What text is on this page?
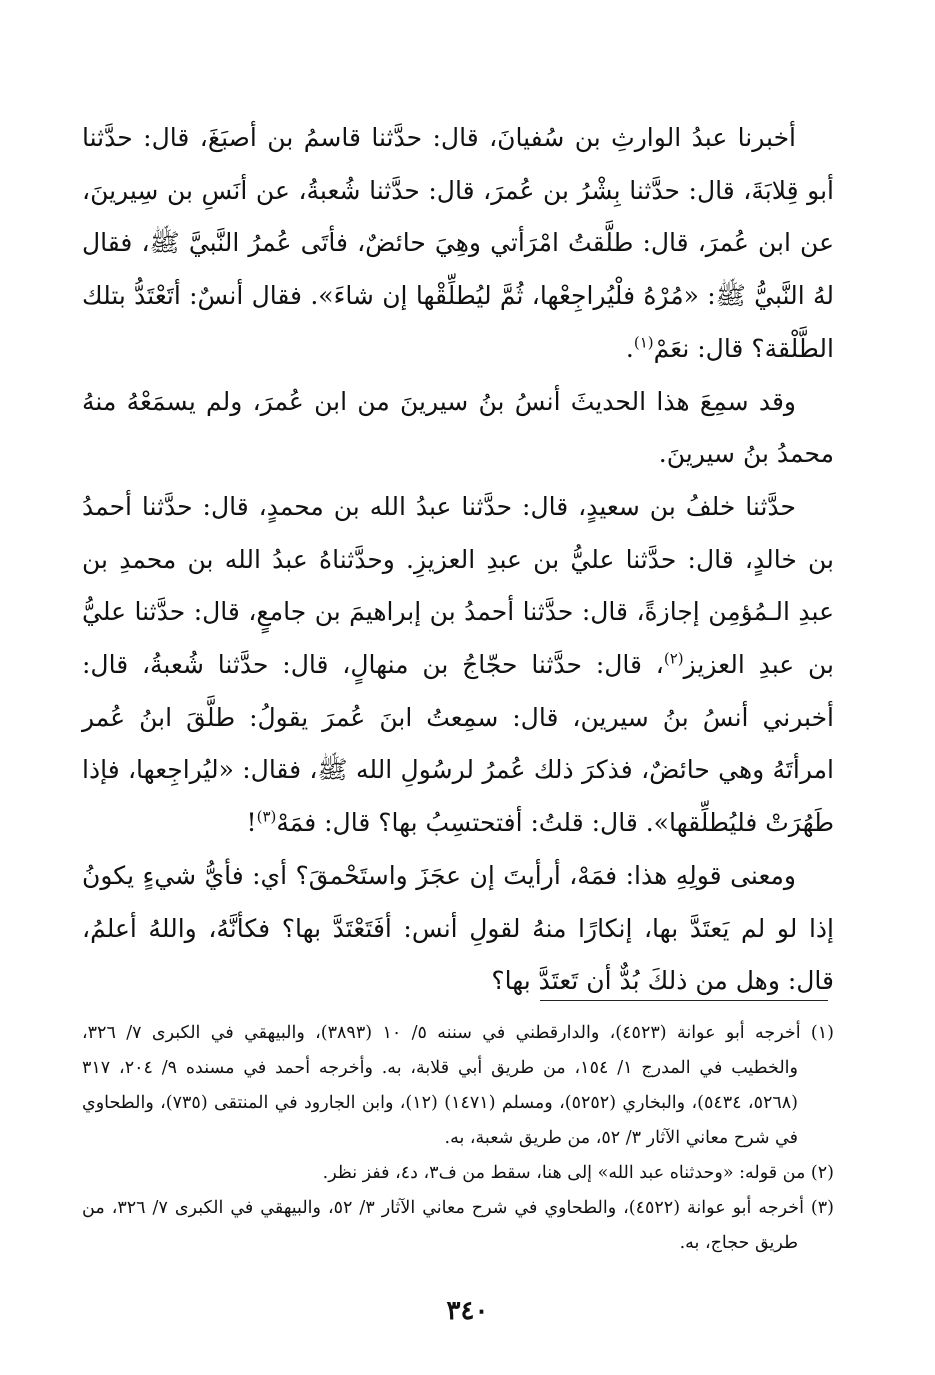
أخبرنا عبدُ الوارثِ بن سُفيانَ، قال: حدَّثنا قاسمُ بن أصبَغَ، قال: حدَّثنا أبو قِلابَةَ، قال: حدَّثنا بِشْرُ بن عُمرَ، قال: حدَّثنا شُعبةُ، عن أنَسِ بن سِيرينَ، عن ابن عُمرَ، قال: طلَّقتُ امْرَأتي وهِيَ حائضٌ، فأتَى عُمرُ النَّبيَّ ﷺ، فقال لهُ النَّبيُّ ﷺ: «مُرْهُ فلْيُراجِعْها، ثُمَّ ليُطلِّقْها إن شاءَ». فقال أنسٌ: أتَعْتَدُّ بتلك الطَّلْقة؟ قال: نعَمْ$^{(١)}$.

وقد سمِعَ هذا الحديثَ أنسُ بنُ سيرينَ من ابن عُمرَ، ولم يسمَعْهُ منهُ محمدُ بنُ سيرينَ.

حدَّثنا خلفُ بن سعيدٍ، قال: حدَّثنا عبدُ الله بن محمدٍ، قال: حدَّثنا أحمدُ بن خالدٍ، قال: حدَّثنا عليُّ بن عبدِ العزيزِ. وحدَّثناهُ عبدُ الله بن محمدِ بن عبدِ الـمُؤمِن إجازةً، قال: حدَّثنا أحمدُ بن إبراهيمَ بن جامعٍ، قال: حدَّثنا عليُّ بن عبدِ العزيز$^{(٢)}$، قال: حدَّثنا حجّاجُ بن منهالٍ، قال: حدَّثنا شُعبةُ، قال: أخبرني أنسُ بنُ سيرين، قال: سمِعتُ ابنَ عُمرَ يقولُ: طلَّقَ ابنُ عُمر امرأتَهُ وهي حائضٌ، فذكرَ ذلك عُمرُ لرسُولِ الله ﷺ، فقال: «ليُراجِعها، فإذا طَهُرَتْ فليُطلِّقها». قال: قلتُ: أفتحتسِبُ بها؟ قال: فمَهْ$^{(٣)}$!

ومعنى قولِهِ هذا: فمَهْ، أرأيتَ إن عجَزَ واستَحْمقَ؟ أي: فأيُّ شيءٍ يكونُ إذا لو لم يَعتَدَّ بها، إنكارًا منهُ لقولِ أنس: أفَتَعْتَدَّ بها؟ فكأنَّهُ، واللهُ أعلمُ، قال: وهل من ذلكَ بُدٌّ أن تَعتَدَّ بها؟

(١) أخرجه أبو عوانة (٤٥٢٣)، والدارقطني في سننه ٥/ ١٠ (٣٨٩٣)، والبيهقي في الكبرى ٧/ ٣٢٦، والخطيب في المدرج ١/ ١٥٤، من طريق أبي قلابة، به. وأخرجه أحمد في مسنده ٩/ ٢٠٤، ٣١٧ (٥٢٦٨، ٥٤٣٤)، والبخاري (٥٢٥٢)، ومسلم (١٤٧١) (١٢)، وابن الجارود في المنتقى (٧٣٥)، والطحاوي في شرح معاني الآثار ٣/ ٥٢، من طريق شعبة، به.

(٢) من قوله: «وحدثناه عبد الله» إلى هنا، سقط من ف٣، د٤، ففز نظر.

(٣) أخرجه أبو عوانة (٤٥٢٢)، والطحاوي في شرح معاني الآثار ٣/ ٥٢، والبيهقي في الكبرى ٧/ ٣٢٦، من طريق حجاج، به.

٣٤٠
